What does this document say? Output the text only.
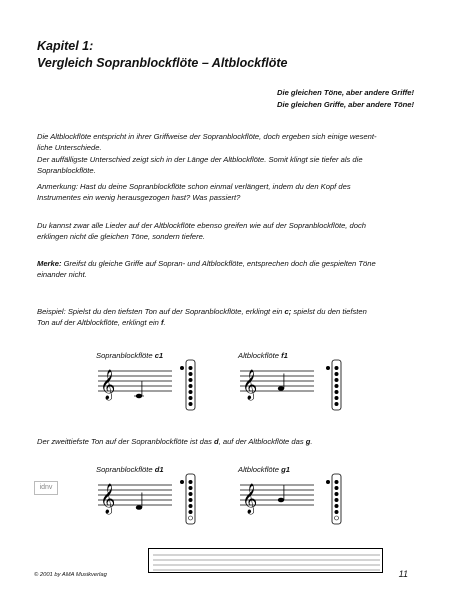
Kapitel 1:
Vergleich Sopranblockflöte – Altblockflöte
Die gleichen Töne, aber andere Griffe!
Die gleichen Griffe, aber andere Töne!
Die Altblockflöte entspricht in ihrer Griffweise der Sopranblockflöte, doch ergeben sich einige wesent-
liche Unterschiede.
Der auffälligste Unterschied zeigt sich in der Länge der Altblockflöte. Somit klingt sie tiefer als die
Sopranblockflöte.
Anmerkung: Hast du deine Sopranblockflöte schon einmal verlängert, indem du den Kopf des
Instrumentes ein wenig herausgezogen hast? Was passiert?
Du kannst zwar alle Lieder auf der Altblockflöte ebenso greifen wie auf der Sopranblockflöte, doch
erklingen nicht die gleichen Töne, sondern tiefere.
Merke: Greifst du gleiche Griffe auf Sopran- und Altblockflöte, entsprechen doch die gespielten Töne
einander nicht.
Beispiel: Spielst du den tiefsten Ton auf der Sopranblockflöte, erklingt ein c; spielst du den tiefsten
Ton auf der Altblockflöte, erklingt ein f.
Sopranblockflöte c1	Altblockflöte f1
𝄞	𝄞
Der zweittiefste Ton auf der Sopranblockflöte ist das d, auf der Altblockflöte das g.
idnv
Sopranblockflöte d1	Altblockflöte g1
𝄞	𝄞
© 2001 by AMA Musikverlag	11
